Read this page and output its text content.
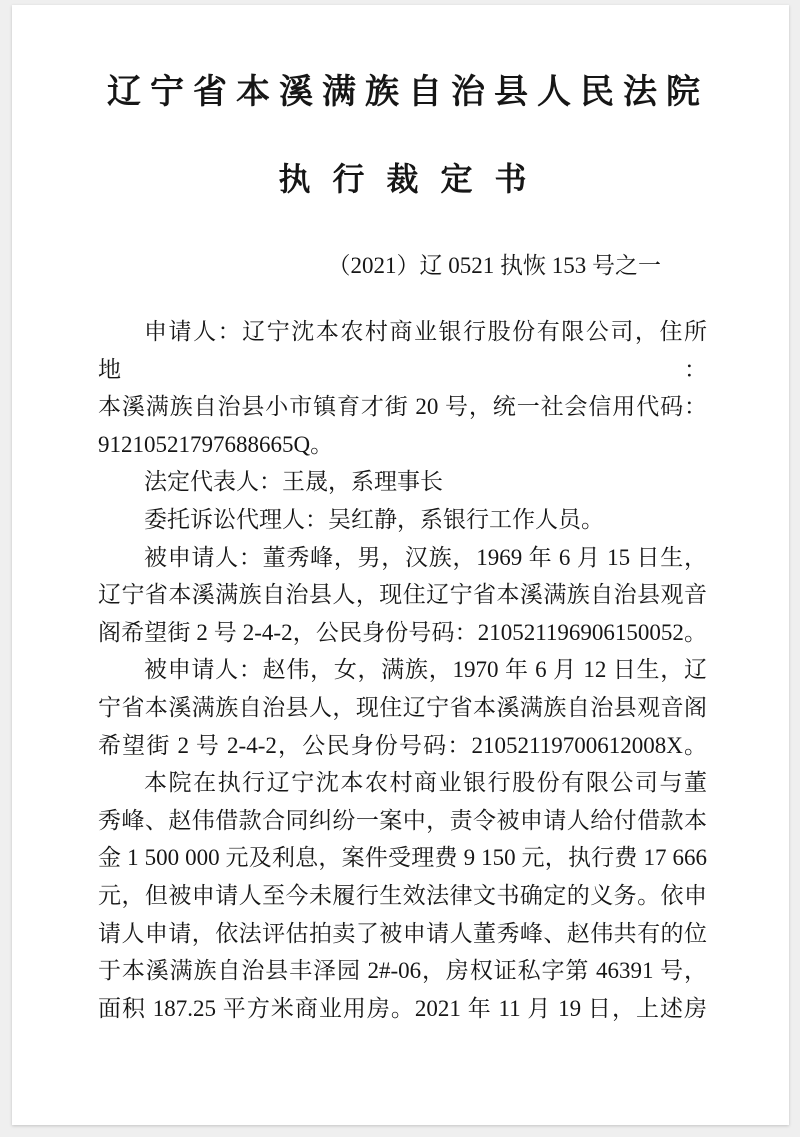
辽宁省本溪满族自治县人民法院
执 行 裁 定 书
（2021）辽 0521 执恢 153 号之一
申请人：辽宁沈本农村商业银行股份有限公司，住所地：
本溪满族自治县小市镇育才街 20 号，统一社会信用代码：
91210521797688665Q。
法定代表人：王晟，系理事长
委托诉讼代理人：吴红静，系银行工作人员。
被申请人：董秀峰，男，汉族，1969 年 6 月 15 日生，
辽宁省本溪满族自治县人，现住辽宁省本溪满族自治县观音
阁希望街 2 号 2-4-2，公民身份号码：210521196906150052。
被申请人：赵伟，女，满族，1970 年 6 月 12 日生，辽
宁省本溪满族自治县人，现住辽宁省本溪满族自治县观音阁
希望街 2 号 2-4-2，公民身份号码：21052119700612008X。
本院在执行辽宁沈本农村商业银行股份有限公司与董
秀峰、赵伟借款合同纠纷一案中，责令被申请人给付借款本
金 1 500 000 元及利息，案件受理费 9 150 元，执行费 17 666
元，但被申请人至今未履行生效法律文书确定的义务。依申
请人申请，依法评估拍卖了被申请人董秀峰、赵伟共有的位
于本溪满族自治县丰泽园 2#-06，房权证私字第 46391 号，
面积 187.25 平方米商业用房。2021 年 11 月 19 日，上述房
